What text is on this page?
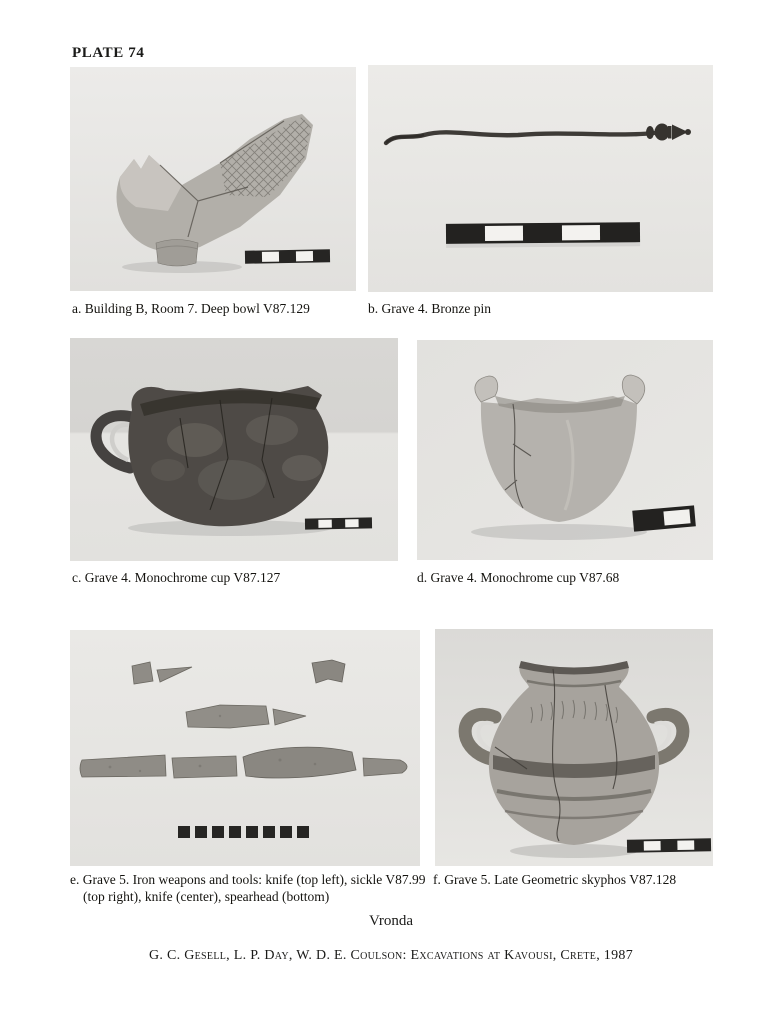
PLATE 74
a. Building B, Room 7. Deep bowl V87.129	b. Grave 4. Bronze pin
c. Grave 4. Monochrome cup V87.127	d. Grave 4. Monochrome cup V87.68
e. Grave 5. Iron weapons and tools: knife (top left), sickle V87.99 (top right), knife (center), spearhead (bottom)
f. Grave 5. Late Geometric skyphos V87.128
Vronda
G. C. Gesell, L. P. Day, W. D. E. Coulson: Excavations at Kavousi, Crete, 1987
